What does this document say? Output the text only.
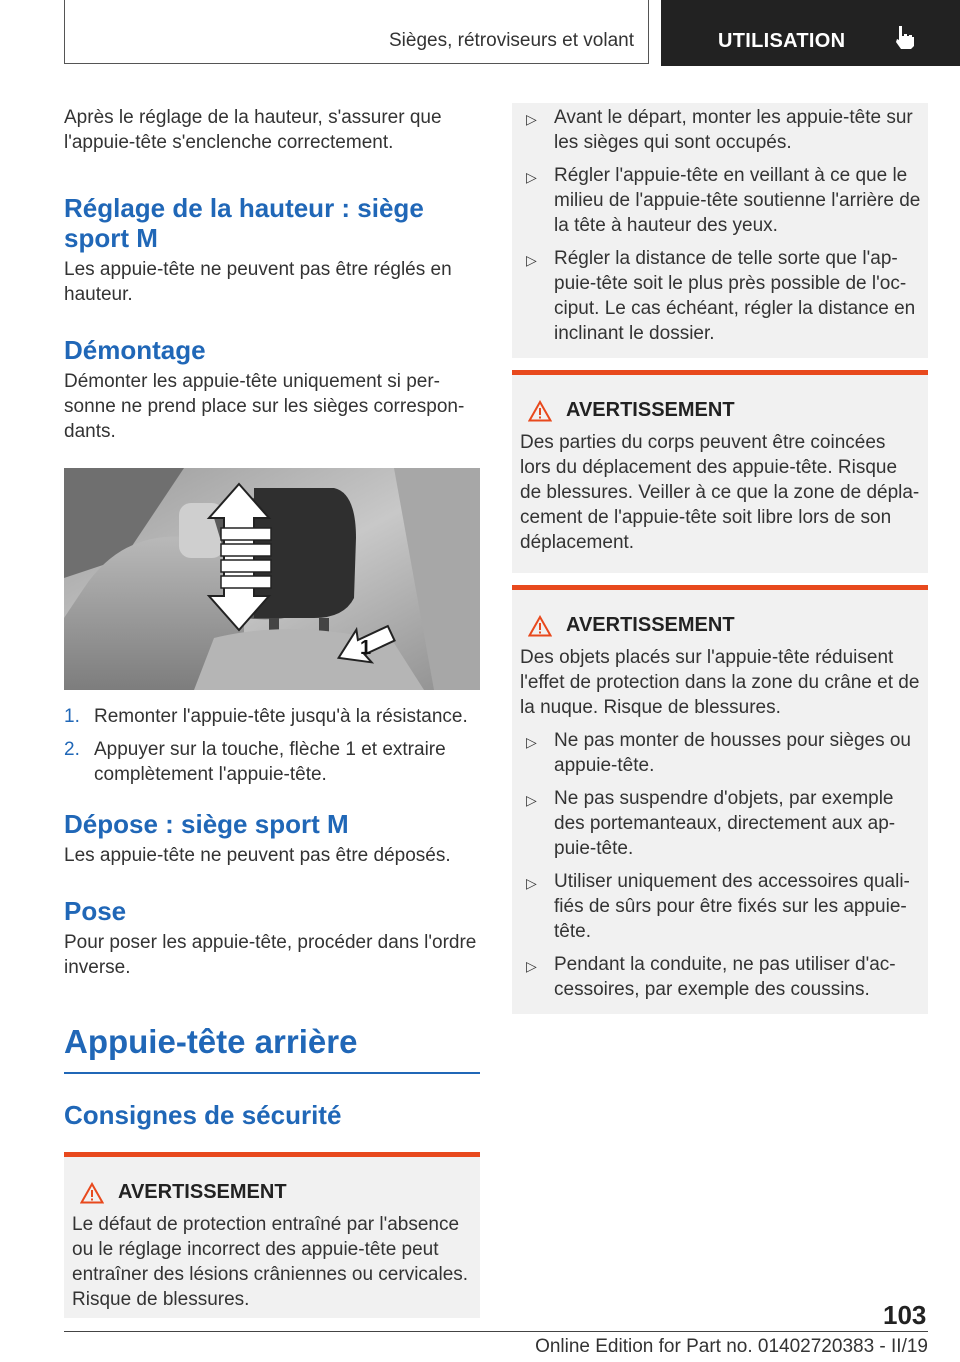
Sièges, rétroviseurs et volant	UTILISATION

Après le réglage de la hauteur, s'assurer que l'appuie-tête s'enclenche correctement.

Réglage de la hauteur : siège sport M

Les appuie-tête ne peuvent pas être réglés en hauteur.

Démontage

Démonter les appuie-tête uniquement si per-sonne ne prend place sur les sièges correspon-dants.

1
1. Remonter l'appuie-tête jusqu'à la résistance.
2. Appuyer sur la touche, flèche 1 et extraire complètement l'appuie-tête.
Dépose : siège sport M

Les appuie-tête ne peuvent pas être déposés.

Pose

Pour poser les appuie-tête, procéder dans l'ordre inverse.

Appuie-tête arrière
Consignes de sécurité
AVERTISSEMENT

Le défaut de protection entraîné par l'absence ou le réglage incorrect des appuie-tête peut entraîner des lésions crâniennes ou cervicales. Risque de blessures.

▷ Avant le départ, monter les appuie-tête sur les sièges qui sont occupés.
▷ Régler l'appuie-tête en veillant à ce que le milieu de l'appuie-tête soutienne l'arrière de la tête à hauteur des yeux.
▷ Régler la distance de telle sorte que l'ap-puie-tête soit le plus près possible de l'oc-ciput. Le cas échéant, régler la distance en inclinant le dossier.
AVERTISSEMENT

Des parties du corps peuvent être coincées lors du déplacement des appuie-tête. Risque de blessures. Veiller à ce que la zone de dépla-cement de l'appuie-tête soit libre lors de son déplacement.

AVERTISSEMENT

Des objets placés sur l'appuie-tête réduisent l'effet de protection dans la zone du crâne et de la nuque. Risque de blessures.

▷ Ne pas monter de housses pour sièges ou appuie-tête.
▷ Ne pas suspendre d'objets, par exemple des portemanteaux, directement aux ap-puie-tête.
▷ Utiliser uniquement des accessoires quali-fiés de sûrs pour être fixés sur les appuie-tête.
▷ Pendant la conduite, ne pas utiliser d'ac-cessoires, par exemple des coussins.
103
Online Edition for Part no. 01402720383 - II/19
